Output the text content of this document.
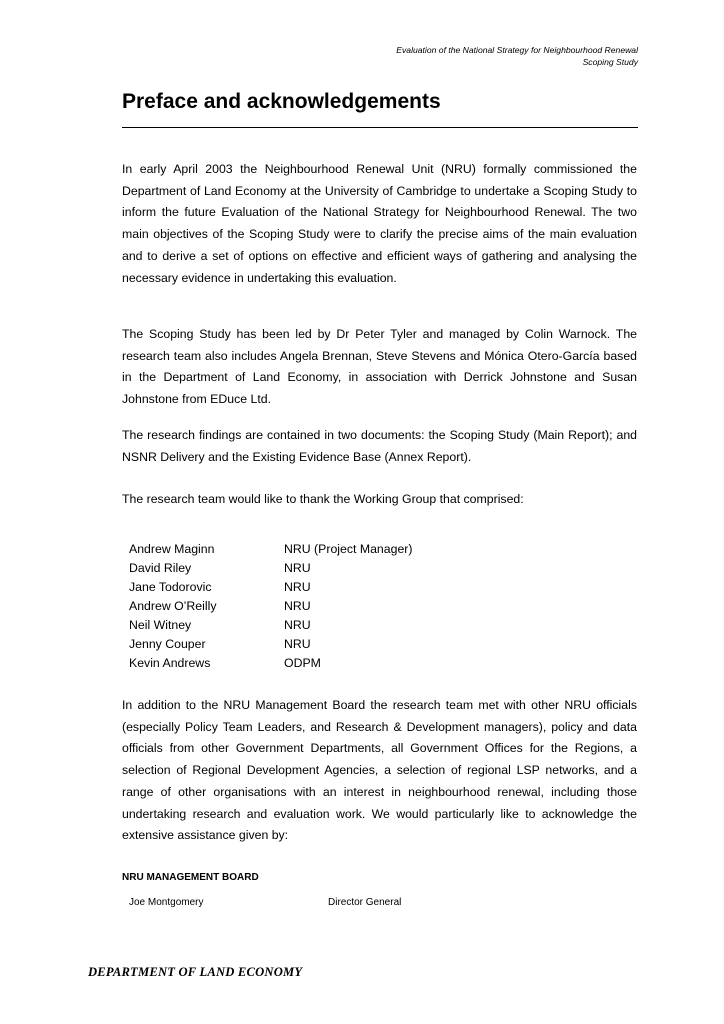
Evaluation of the National Strategy for Neighbourhood Renewal
Scoping Study
Preface and acknowledgements

In early April 2003 the Neighbourhood Renewal Unit (NRU) formally commissioned the Department of Land Economy at the University of Cambridge to undertake a Scoping Study to inform the future Evaluation of the National Strategy for Neighbourhood Renewal. The two main objectives of the Scoping Study were to clarify the precise aims of the main evaluation and to derive a set of options on effective and efficient ways of gathering and analysing the necessary evidence in undertaking this evaluation.

The Scoping Study has been led by Dr Peter Tyler and managed by Colin Warnock. The research team also includes Angela Brennan, Steve Stevens and Mónica Otero-García based in the Department of Land Economy, in association with Derrick Johnstone and Susan Johnstone from EDuce Ltd.

The research findings are contained in two documents: the Scoping Study (Main Report); and NSNR Delivery and the Existing Evidence Base (Annex Report).

The research team would like to thank the Working Group that comprised:

Andrew Maginn	NRU (Project Manager)
David Riley	NRU
Jane Todorovic	NRU
Andrew O’Reilly	NRU
Neil Witney	NRU
Jenny Couper	NRU
Kevin Andrews	ODPM

In addition to the NRU Management Board the research team met with other NRU officials (especially Policy Team Leaders, and Research & Development managers), policy and data officials from other Government Departments, all Government Offices for the Regions, a selection of Regional Development Agencies, a selection of regional LSP networks, and a range of other organisations with an interest in neighbourhood renewal, including those undertaking research and evaluation work. We would particularly like to acknowledge the extensive assistance given by:

NRU MANAGEMENT BOARD
Joe Montgomery	Director General
DEPARTMENT OF LAND ECONOMY
